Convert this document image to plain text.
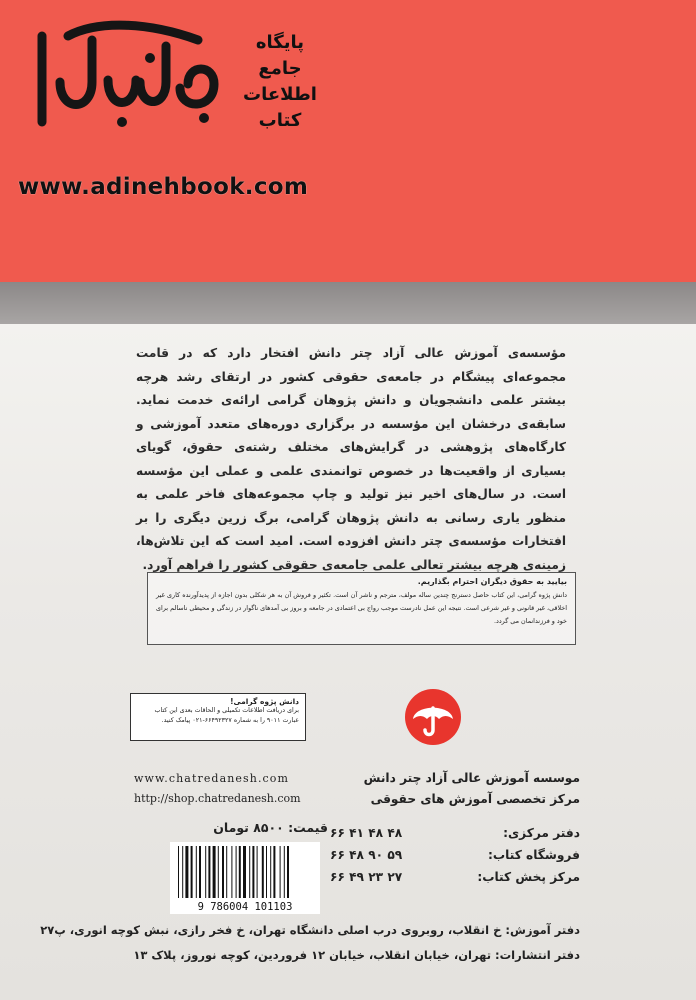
پایگاه
جامع
اطلاعات
کتاب
www.adinehbook.com

مؤسسه‌ی آموزش عالی آزاد چتر دانش افتخار دارد که در قامت مجموعه‌ای پیشگام در جامعه‌ی حقوقی کشور در ارتقای رشد هرچه بیشتر علمی دانشجویان و دانش پژوهان گرامی ارائه‌ی خدمت نماید. سابقه‌ی درخشان این مؤسسه در برگزاری دوره‌های متعدد آموزشی و کارگاه‌های پژوهشی در گرایش‌های مختلف رشته‌ی حقوق، گویای بسیاری از واقعیت‌ها در خصوص توانمندی علمی و عملی این مؤسسه است. در سال‌های اخیر نیز تولید و چاپ مجموعه‌های فاخر علمی به منظور یاری رسانی به دانش پژوهان گرامی، برگ زرین دیگری را بر افتخارات مؤسسه‌ی چتر دانش افزوده است. امید است که این تلاش‌ها، زمینه‌ی هرچه بیشتر تعالی علمی جامعه‌ی حقوقی کشور را فراهم آورد.

بیایید به حقوق دیگران احترام بگذاریم.
دانش پژوه گرامی، این کتاب حاصل دسترنج چندین ساله مولف، مترجم و ناشر آن است. تکثیر و فروش آن به هر شکلی بدون اجازه از پدیدآورنده کاری غیر اخلاقی، غیر قانونی و غیر شرعی است. نتیجه این عمل نادرست موجب رواج بی اعتمادی در جامعه و بروز بی آمدهای ناگوار در زندگی و محیطی ناسالم برای خود و فرزندانمان می گردد.
دانش پژوه گرامی!
برای دریافت اطلاعات تکمیلی و الحاقات بعدی این کتاب عبارت ۹۰۱۱ را به شماره ۶۶۴۹۲۳۲۷-۰۲۱ پیامک کنید.
www.chatredanesh.com
http://shop.chatredanesh.com
موسسه آموزش عالی آزاد چتر دانش
مرکز تخصصی آموزش های حقوقی
قیمت: ۸۵۰۰ تومان
9 786004 101103
دفتر مرکزی:
۶۶ ۴۱ ۴۸ ۴۸
فروشگاه کتاب:
۶۶ ۴۸ ۹۰ ۵۹
مرکز پخش کتاب:
۶۶ ۴۹ ۲۳ ۲۷
دفتر آموزش: خ انقلاب، روبروی درب اصلی دانشگاه تهران، خ فخر رازی، نبش کوچه انوری، پ۲۷
دفتر انتشارات: تهران، خیابان انقلاب، خیابان ۱۲ فروردین، کوچه نوروز، پلاک ۱۳
